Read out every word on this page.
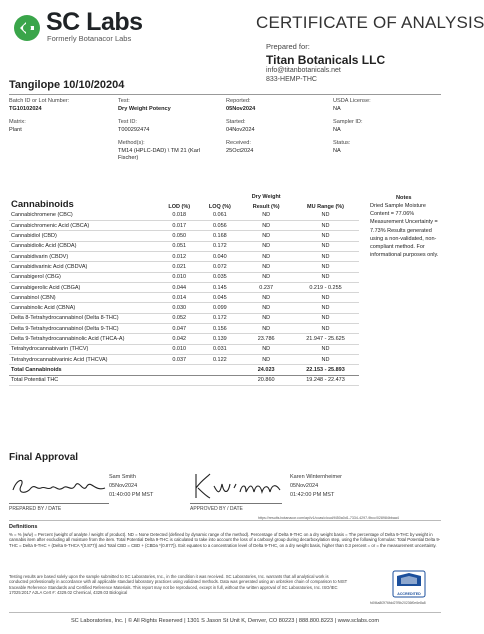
SC Labs
Formerly Botanacor Labs
CERTIFICATE OF ANALYSIS
Prepared for:
Titan Botanicals LLC
info@titanbotanicals.net
833-HEMP-THC
Tangilope 10/10/20204
Batch ID or Lot Number:
TG10102024
Test:
Dry Weight Potency
Reported:
05Nov2024
USDA License:
NA
Matrix:
Plant
Test ID:
T000292474
Started:
04Nov2024
Sampler ID:
NA
Method(s):
TM14 (HPLC-DAD) \ TM 21 (Karl
Fischer)
Received:
25Oct2024
Status:
NA
Cannabinoids	LOD (%)	LOQ (%)	Dry Weight	MU Range (%)
			Result (%)	
Cannabichromene (CBC)	0.018	0.061	ND	ND
Cannabichromenic Acid (CBCA)	0.017	0.056	ND	ND
Cannabidiol (CBD)	0.050	0.168	ND	ND
Cannabidiolic Acid (CBDA)	0.051	0.172	ND	ND
Cannabidivarin (CBDV)	0.012	0.040	ND	ND
Cannabidivarinic Acid (CBDVA)	0.021	0.072	ND	ND
Cannabigerol (CBG)	0.010	0.035	ND	ND
Cannabigerolic Acid (CBGA)	0.044	0.145	0.237	0.219 - 0.255
Cannabinol (CBN)	0.014	0.045	ND	ND
Cannabinolic Acid (CBNA)	0.030	0.099	ND	ND
Delta 8-Tetrahydrocannabinol (Delta 8-THC)	0.052	0.172	ND	ND
Delta 9-Tetrahydrocannabinol (Delta 9-THC)	0.047	0.156	ND	ND
Delta 9-Tetrahydrocannabinolic Acid (THCA-A)	0.042	0.139	23.786	21.947 - 25.625
Tetrahydrocannabivarin (THCV)	0.010	0.031	ND	ND
Tetrahydrocannabivarinic Acid (THCVA)	0.037	0.122	ND	ND
Total Cannabinoids			24.023	22.153 - 25.893
Total Potential THC			20.860	19.248 - 22.473
Notes
Dried Sample Moisture Content = 77.06% Measurement Uncertainty = 7.73% Results generated using a non-validated, non-compliant method. For informational purposes only.
Final Approval
PREPARED BY / DATE
Sam Smith
05Nov2024
01:40:00 PM MST
APPROVED BY / DATE
Karen Winternheimer
05Nov2024
01:42:00 PM MST
https://results.botanacor.com/api/v1/coas/cloud/f450a0d1-7334-4297-9bcc/028984bbaa4
Definitions
% = % (w/w) = Percent (weight of analyte / weight of product). ND = None Detected (defined by dynamic range of the method). Percentage of Delta 9-THC on a dry weight basis = The percentage of Delta 9-THC by weight in cannabis item after excluding all moisture from the item. Total Potential Delta 9-THC is calculated to take into account the loss of a carboxyl group during decarboxylation step, using the following formulas: Total Potential Delta 9-THC = Delta 9-THC + (Delta 9-THCA *(0.877)) and Total CBD = CBD + (CBDa *(0.877)). Exit equates to a concentration level of Delta 9-THC, on a dry weight basis, higher than 0.3 percent = or = the measurement uncertainty.
Testing results are based solely upon the sample submitted to SC Laboratories, Inc., in the condition it was received. SC Laboratories, Inc. warrants that all analytical work is conducted professionally in accordance with all applicable standard laboratory practices using validated methods. Data was generated using an unbroken chain of comparison to NIST traceable Reference Standards and Certified Reference Materials. This report may not be reproduced, except in full, without the written approval of SC Laboratories, Inc. ISO/IEC 17025:2017 A2LA Cert #: 4329.02 Chemical, 4329.03 Biological	ACCREDITED
fd0f4a8f2f76fdd27f5b20236f0e6e8a8
SC Laboratories, Inc. | © All Rights Reserved | 1301 S Jason St Unit K, Denver, CO 80223 | 888.800.8223 | www.sclabs.com
